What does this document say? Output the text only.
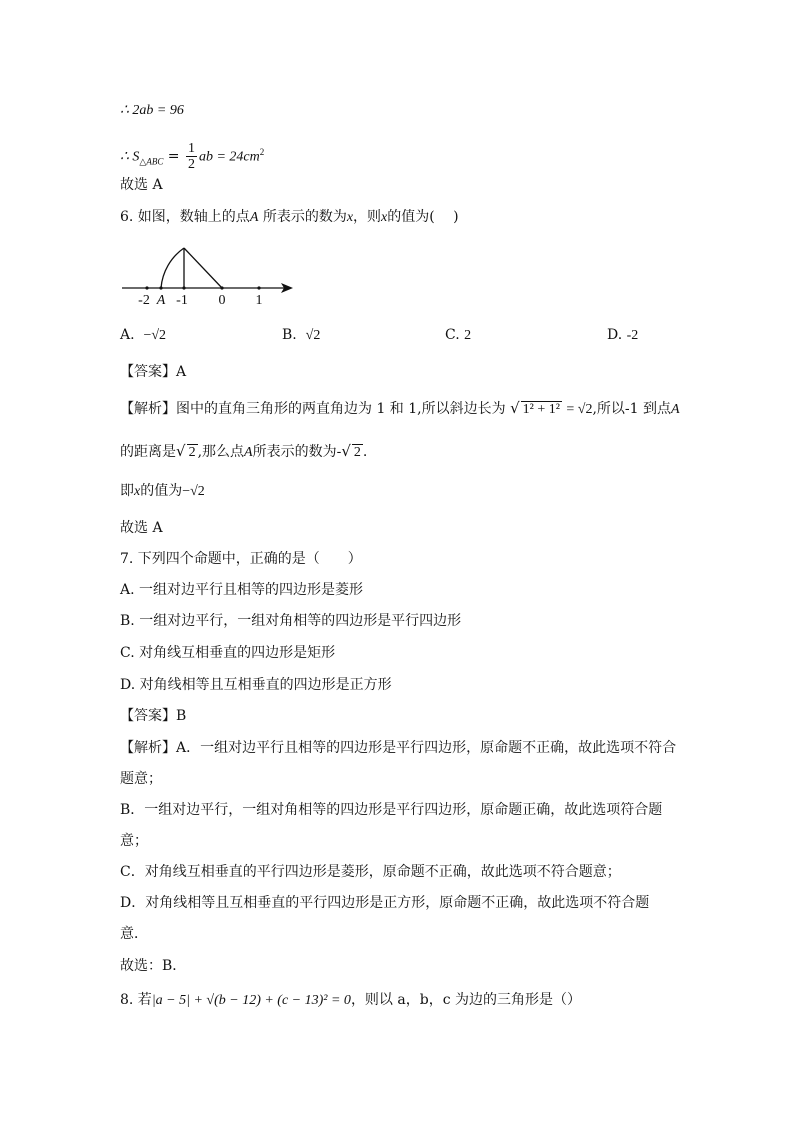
∴ 2ab = 96
∴ $S_{\triangle ABC} = \frac{1}{2}$ ab = $24cm^2$
故选 A
6. 如图，数轴上的点A 所表示的数为x，则x的值为(　 )
-2 A -1 0 1
A. −√2	B. √2	C. 2	D. -2
【答案】A
【解析】图中的直角三角形的两直角边为 1 和 1,所以斜边长为 √ 1² + 1² = √2,所以-1 到点A
的距离是√ 2 ,那么点A所表示的数为-√ 2 .
即x的值为−√2
故选 A
7. 下列四个命题中，正确的是（　　）
A. 一组对边平行且相等的四边形是菱形
B. 一组对边平行，一组对角相等的四边形是平行四边形
C. 对角线互相垂直的四边形是矩形
D. 对角线相等且互相垂直的四边形是正方形
【答案】B
【解析】A．一组对边平行且相等的四边形是平行四边形，原命题不正确，故此选项不符合
题意；
B．一组对边平行，一组对角相等的四边形是平行四边形，原命题正确，故此选项符合题
意；
C．对角线互相垂直的平行四边形是菱形，原命题不正确，故此选项不符合题意；
D．对角线相等且互相垂直的平行四边形是正方形，原命题不正确，故此选项不符合题
意．
故选：B．
8. 若|a − 5| + √(b − 12) + (c − 13)² = 0，则以 a，b，c 为边的三角形是（）
